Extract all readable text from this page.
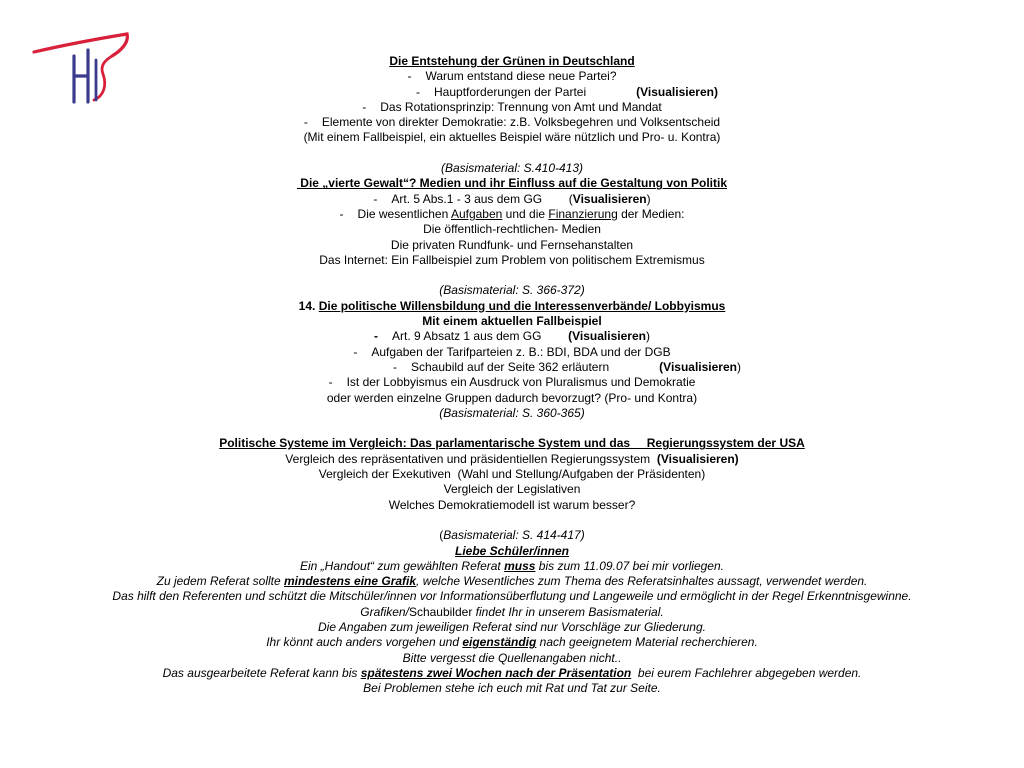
Die Entstehung der Grünen in Deutschland
- Warum entstand diese neue Partei?
- Hauptforderungen der Partei	(Visualisieren)
- Das Rotationsprinzip: Trennung von Amt und Mandat
- Elemente von direkter Demokratie: z.B. Volksbegehren und Volksentscheid
(Mit einem Fallbeispiel, ein aktuelles Beispiel wäre nützlich und Pro- u. Kontra)
(Basismaterial: S.410-413)
Die „vierte Gewalt“? Medien und ihr Einfluss auf die Gestaltung von Politik
- Art. 5 Abs.1 - 3 aus dem GG (Visualisieren)
- Die wesentlichen Aufgaben und die Finanzierung der Medien:
Die öffentlich-rechtlichen- Medien
Die privaten Rundfunk- und Fernsehanstalten
Das Internet: Ein Fallbeispiel zum Problem von politischem Extremismus
(Basismaterial: S. 366-372)
14. Die politische Willensbildung und die Interessenverbände/ Lobbyismus
Mit einem aktuellen Fallbeispiel
- Art. 9 Absatz 1 aus dem GG (Visualisieren)
- Aufgaben der Tarifparteien z. B.: BDI, BDA und der DGB
- Schaubild auf der Seite 362 erläutern	(Visualisieren)
- Ist der Lobbyismus ein Ausdruck von Pluralismus und Demokratie
oder werden einzelne Gruppen dadurch bevorzugt? (Pro- und Kontra)
(Basismaterial: S. 360-365)
Politische Systeme im Vergleich: Das parlamentarische System und das     Regierungssystem der USA
Vergleich des repräsentativen und präsidentiellen Regierungssystem  (Visualisieren)
Vergleich der Exekutiven  (Wahl und Stellung/Aufgaben der Präsidenten)
Vergleich der Legislativen
Welches Demokratiemodell ist warum besser?
(Basismaterial: S. 414-417)
Liebe Schüler/innen
Ein „Handout“ zum gewählten Referat muss bis zum 11.09.07 bei mir vorliegen.
Zu jedem Referat sollte mindestens eine Grafik, welche Wesentliches zum Thema des Referatsinhaltes aussagt, verwendet werden.
Das hilft den Referenten und schützt die Mitschüler/innen vor Informationsüberflutung und Langeweile und ermöglicht in der Regel Erkenntnisgewinne.
Grafiken/Schaubilder findet Ihr in unserem Basismaterial.
Die Angaben zum jeweiligen Referat sind nur Vorschläge zur Gliederung.
Ihr könnt auch anders vorgehen und eigenständig nach geeignetem Material recherchieren.
Bitte vergesst die Quellenangaben nicht..
Das ausgearbeitete Referat kann bis spätestens zwei Wochen nach der Präsentation  bei eurem Fachlehrer abgegeben werden.
Bei Problemen stehe ich euch mit Rat und Tat zur Seite.
